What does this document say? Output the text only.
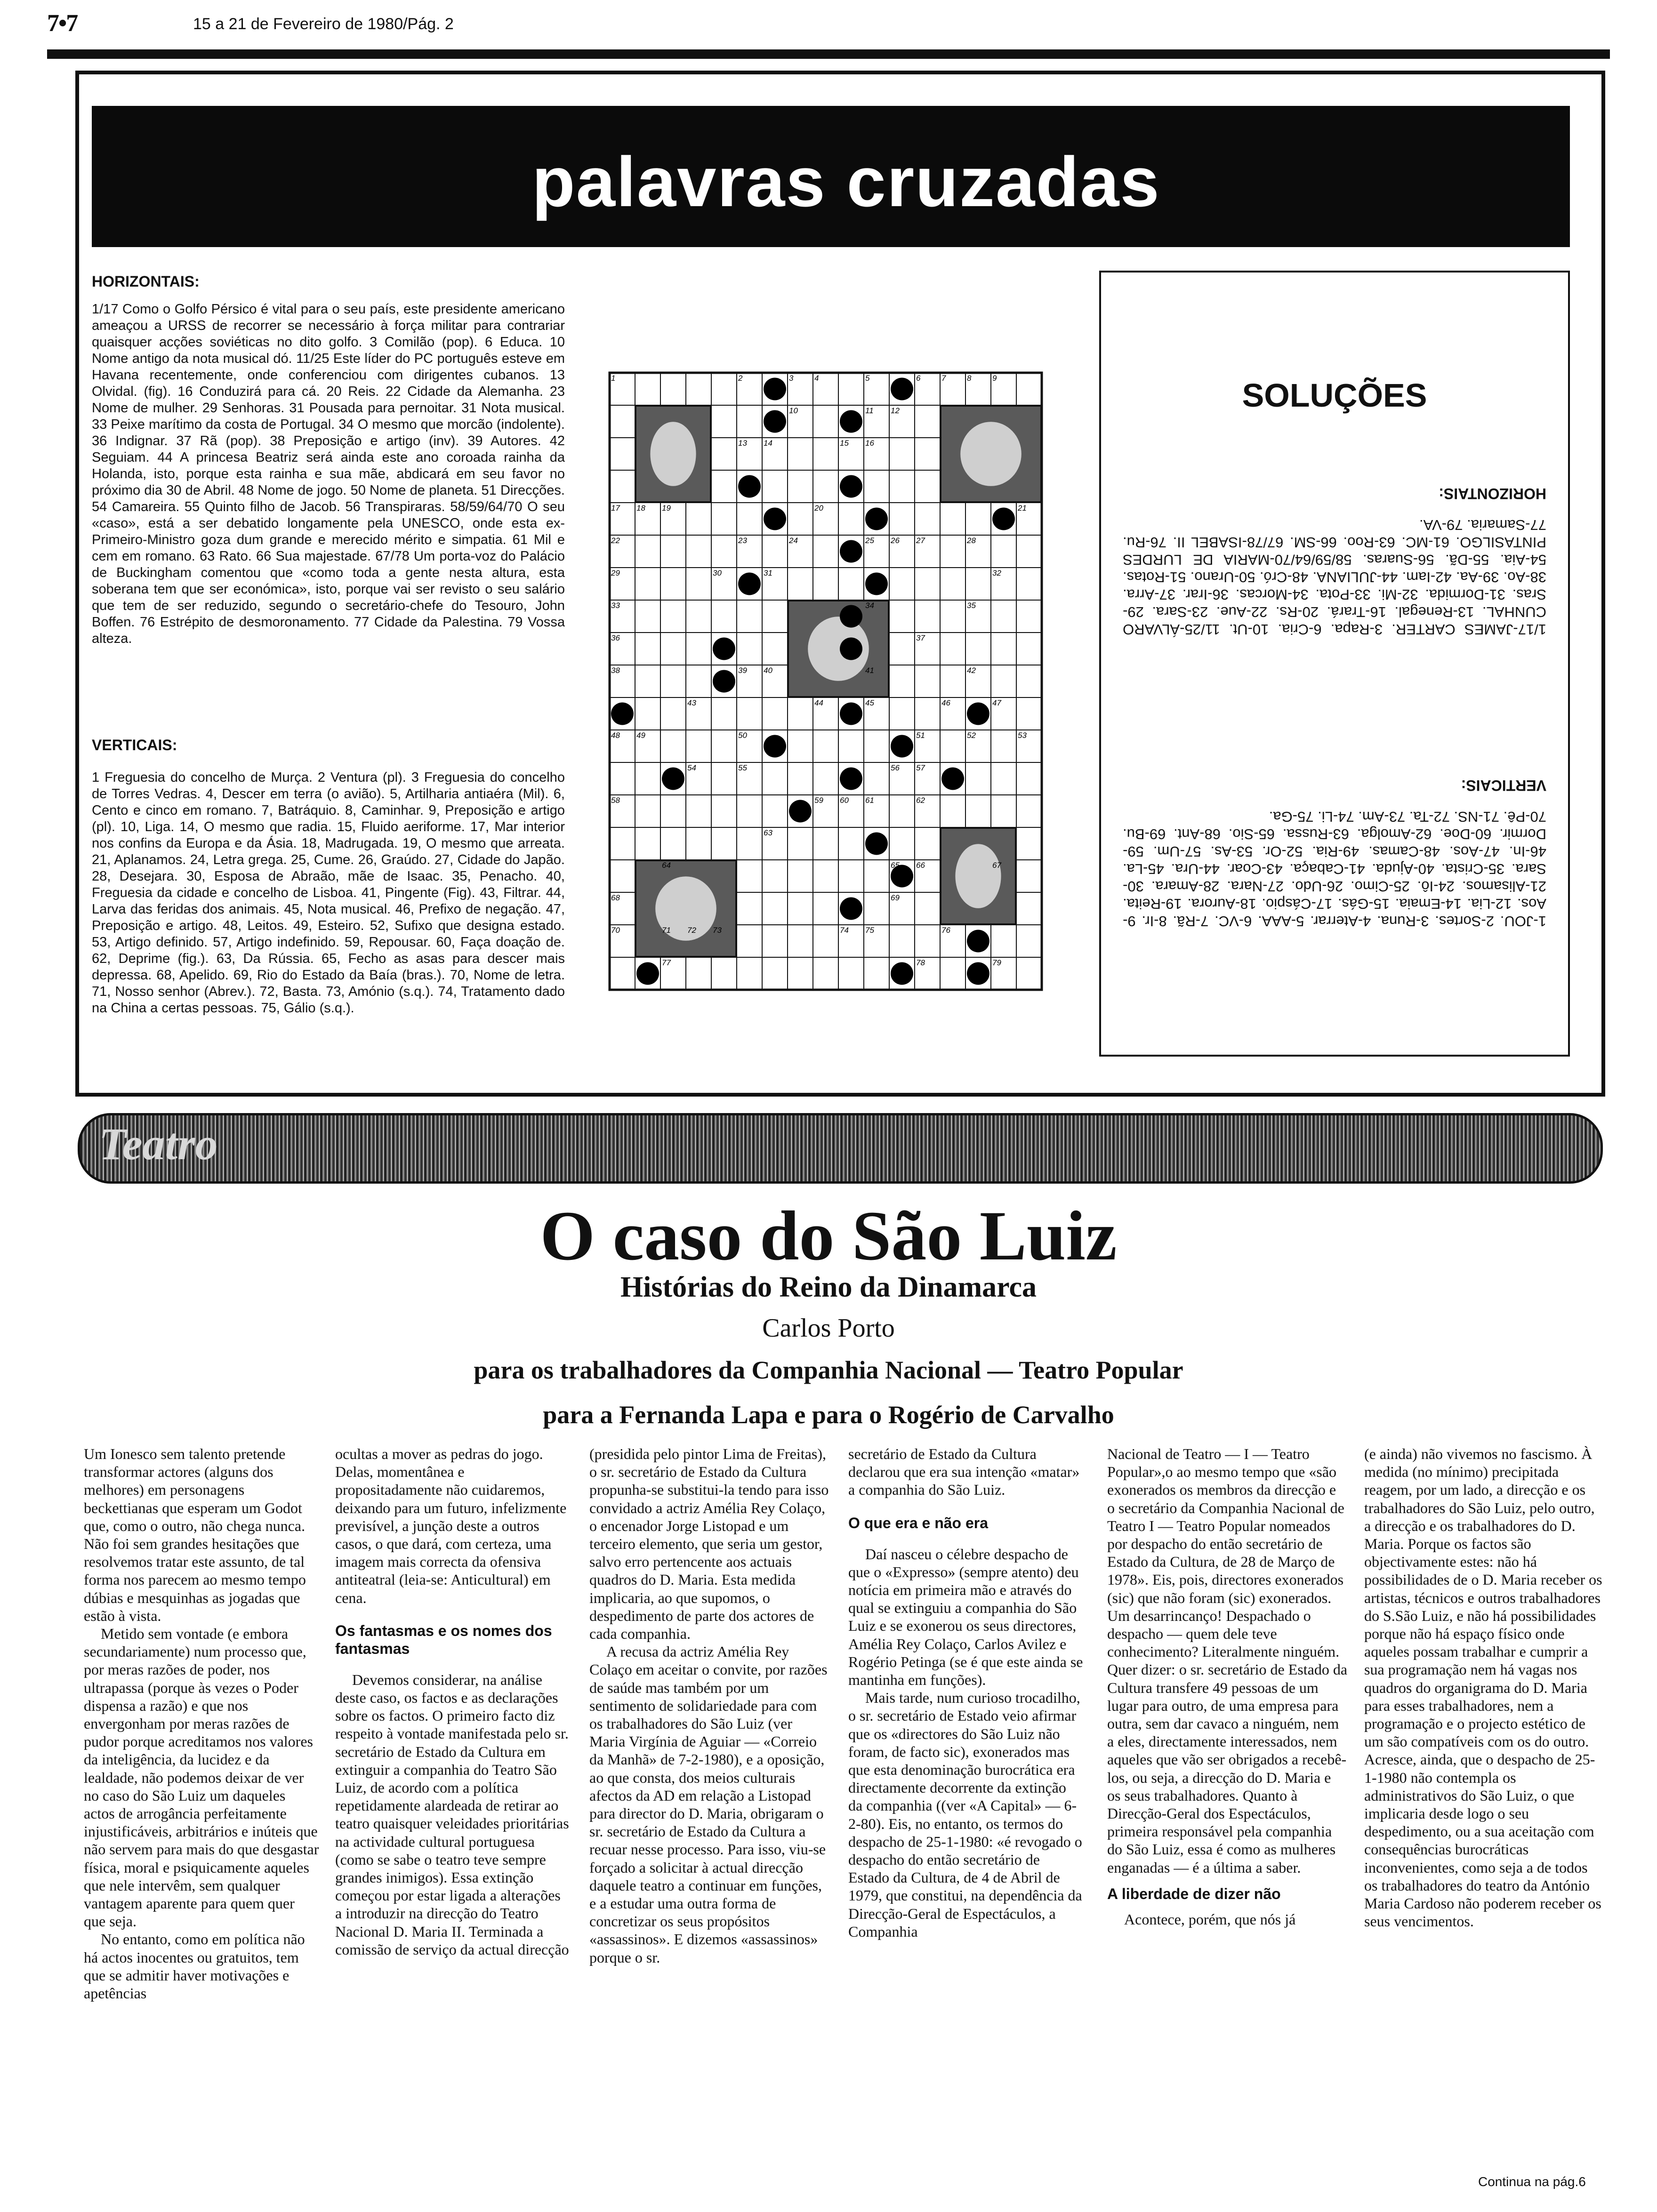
7•7	15 a 21 de Fevereiro de 1980/Pág. 2
palavras cruzadas
HORIZONTAIS:
1/17 Como o Golfo Pérsico é vital para o seu país, este presidente americano ameaçou a URSS de recorrer se necessário à força militar para contrariar quaisquer acções soviéticas no dito golfo. 3 Comilão (pop). 6 Educa. 10 Nome antigo da nota musical dó. 11/25 Este líder do PC português esteve em Havana recentemente, onde conferenciou com dirigentes cubanos. 13 Olvidal. (fig). 16 Conduzirá para cá. 20 Reis. 22 Cidade da Alemanha. 23 Nome de mulher. 29 Senhoras. 31 Pousada para pernoitar. 31 Nota musical. 33 Peixe marítimo da costa de Portugal. 34 O mesmo que morcão (indolente). 36 Indignar. 37 Rã (pop). 38 Preposição e artigo (inv). 39 Autores. 42 Seguiam. 44 A princesa Beatriz será ainda este ano coroada rainha da Holanda, isto, porque esta rainha e sua mãe, abdicará em seu favor no próximo dia 30 de Abril. 48 Nome de jogo. 50 Nome de planeta. 51 Direcções. 54 Camareira. 55 Quinto filho de Jacob. 56 Transpiraras. 58/59/64/70 O seu «caso», está a ser debatido longamente pela UNESCO, onde esta ex-Primeiro-Ministro goza dum grande e merecido mérito e simpatia. 61 Mil e cem em romano. 63 Rato. 66 Sua majestade. 67/78 Um porta-voz do Palácio de Buckingham comentou que «como toda a gente nesta altura, esta soberana tem que ser económica», isto, porque vai ser revisto o seu salário que tem de ser reduzido, segundo o secretário-chefe do Tesouro, John Boffen. 76 Estrépito de desmoronamento. 77 Cidade da Palestina. 79 Vossa alteza.
VERTICAIS:
1 Freguesia do concelho de Murça. 2 Ventura (pl). 3 Freguesia do concelho de Torres Vedras. 4, Descer em terra (o avião). 5, Artilharia antiaéra (Mil). 6, Cento e cinco em romano. 7, Batráquio. 8, Caminhar. 9, Preposição e artigo (pl). 10, Liga. 14, O mesmo que radia. 15, Fluido aeriforme. 17, Mar interior nos confins da Europa e da Ásia. 18, Madrugada. 19, O mesmo que arreata. 21, Aplanamos. 24, Letra grega. 25, Cume. 26, Graúdo. 27, Cidade do Japão. 28, Desejara. 30, Esposa de Abraão, mãe de Isaac. 35, Penacho. 40, Freguesia da cidade e concelho de Lisboa. 41, Pingente (Fig). 43, Filtrar. 44, Larva das feridas dos animais. 45, Nota musical. 46, Prefixo de negação. 47, Preposição e artigo. 48, Leitos. 49, Esteiro. 52, Sufixo que designa estado. 53, Artigo definido. 57, Artigo indefinido. 59, Repousar. 60, Faça doação de. 62, Deprime (fig.). 63, Da Rússia. 65, Fecho as asas para descer mais depressa. 68, Apelido. 69, Rio do Estado da Baía (bras.). 70, Nome de letra. 71, Nosso senhor (Abrev.). 72, Basta. 73, Amónio (s.q.). 74, Tratamento dado na China a certas pessoas. 75, Gálio (s.q.).
1	2	3	4	5	6	7	8	9
10	11 12
13 14	15 16
17 18 19	20	21
22	23	24	25 26 27	28
29	30	31	32
33	34	35
36	37
38	39 40	41	42
43	44	45	46	47
48 49	50	51	52	53
54	55	56 57
58	59 60 61	62
63
64	65 66	67
68	69
70	71 72 73	74 75	76
77	78	79
SOLUÇÕES
1/17-JAMES CARTER. 3-Rapa. 6-Cria. 10-Ut. 11/25-ÁLVARO CUNHAL. 13-Renegal. 16-Trará. 20-Rs. 22-Aue. 23-Sara. 29-Sras. 31-Dormida. 32-Mi. 33-Pota. 34-Morcas. 36-Irar. 37-Arra. 38-Ao. 39-Aa. 42-Iam. 44-JULIANA. 48-Cró. 50-Urano. 51-Rotas. 54-Aia. 55-Dã. 56-Suaras. 58/59/64/70-MARIA DE LURDES PINTASILGO. 61-MC. 63-Roo. 66-SM. 67/78-ISABEL II. 76-Ru. 77-Samaria. 79-VA.
HORIZONTAIS:
1-JOU. 2-Sortes. 3-Runa. 4-Aterrar. 5-AAA. 6-VC. 7-Rã. 8-Ir. 9-Aos. 12-Lia. 14-Emaia. 15-Gás. 17-Cáspio. 18-Aurora. 19-Reita. 21-Alisamos. 24-Iô. 25-Cimo. 26-Udo. 27-Nara. 28-Amara. 30-Sara. 35-Crista. 40-Ajuda. 41-Cabaça. 43-Coar. 44-Ura. 45-La. 46-In. 47-Aos. 48-Camas. 49-Ria. 52-Or. 53-As. 57-Um. 59-Dormir. 60-Doe. 62-Amolga. 63-Russa. 65-Sio. 68-Ant. 69-Bu. 70-Pê. 71-NS. 72-Ta. 73-Am. 74-Li. 75-Ga.
VERTICAIS:
Teatro
O caso do São Luiz
Histórias do Reino da Dinamarca
Carlos Porto
para os trabalhadores da Companhia Nacional — Teatro Popular
para a Fernanda Lapa e para o Rogério de Carvalho

Um Ionesco sem talento pretende transformar actores (alguns dos melhores) em personagens beckettianas que esperam um Godot que, como o outro, não chega nunca. Não foi sem grandes hesitações que resolvemos tratar este assunto, de tal forma nos parecem ao mesmo tempo dúbias e mesquinhas as jogadas que estão à vista.

Metido sem vontade (e embora secundariamente) num processo que, por meras razões de poder, nos ultrapassa (porque às vezes o Poder dispensa a razão) e que nos envergonham por meras razões de pudor porque acreditamos nos valores da inteligência, da lucidez e da lealdade, não podemos deixar de ver no caso do São Luiz um daqueles actos de arrogância perfeitamente injustificáveis, arbitrários e inúteis que não servem para mais do que desgastar física, moral e psiquicamente aqueles que nele intervêm, sem qualquer vantagem aparente para quem quer que seja.

No entanto, como em política não há actos inocentes ou gratuitos, tem que se admitir haver motivações e apetências

ocultas a mover as pedras do jogo. Delas, momentânea e propositadamente não cuidaremos, deixando para um futuro, infelizmente previsível, a junção deste a outros casos, o que dará, com certeza, uma imagem mais correcta da ofensiva antiteatral (leia-se: Anticultural) em cena.

Os fantasmas e os nomes dos fantasmas

Devemos considerar, na análise deste caso, os factos e as declarações sobre os factos. O primeiro facto diz respeito à vontade manifestada pelo sr. secretário de Estado da Cultura em extinguir a companhia do Teatro São Luiz, de acordo com a política repetidamente alardeada de retirar ao teatro quaisquer veleidades prioritárias na actividade cultural portuguesa (como se sabe o teatro teve sempre grandes inimigos). Essa extinção começou por estar ligada a alterações a introduzir na direcção do Teatro Nacional D. Maria II. Terminada a comissão de serviço da actual direcção

(presidida pelo pintor Lima de Freitas), o sr. secretário de Estado da Cultura propunha-se substitui-la tendo para isso convidado a actriz Amélia Rey Colaço, o encenador Jorge Listopad e um terceiro elemento, que seria um gestor, salvo erro pertencente aos actuais quadros do D. Maria. Esta medida implicaria, ao que supomos, o despedimento de parte dos actores de cada companhia.

A recusa da actriz Amélia Rey Colaço em aceitar o convite, por razões de saúde mas também por um sentimento de solidariedade para com os trabalhadores do São Luiz (ver Maria Virgínia de Aguiar — «Correio da Manhã» de 7-2-1980), e a oposição, ao que consta, dos meios culturais afectos da AD em relação a Listopad para director do D. Maria, obrigaram o sr. secretário de Estado da Cultura a recuar nesse processo. Para isso, viu-se forçado a solicitar à actual direcção daquele teatro a continuar em funções, e a estudar uma outra forma de concretizar os seus propósitos «assassinos». E dizemos «assassinos» porque o sr.

secretário de Estado da Cultura declarou que era sua intenção «matar» a companhia do São Luiz.

O que era e não era

Daí nasceu o célebre despacho de que o «Expresso» (sempre atento) deu notícia em primeira mão e através do qual se extinguiu a companhia do São Luiz e se exonerou os seus directores, Amélia Rey Colaço, Carlos Avilez e Rogério Petinga (se é que este ainda se mantinha em funções).

Mais tarde, num curioso trocadilho, o sr. secretário de Estado veio afirmar que os «directores do São Luiz não foram, de facto sic), exonerados mas que esta denominação burocrática era directamente decorrente da extinção da companhia ((ver «A Capital» — 6-2-80). Eis, no entanto, os termos do despacho de 25-1-1980: «é revogado o despacho do então secretário de Estado da Cultura, de 4 de Abril de 1979, que constitui, na dependência da Direcção-Geral de Espectáculos, a Companhia

Nacional de Teatro — I — Teatro Popular»,o ao mesmo tempo que «são exonerados os membros da direcção e o secretário da Companhia Nacional de Teatro I — Teatro Popular nomeados por despacho do então secretário de Estado da Cultura, de 28 de Março de 1978». Eis, pois, directores exonerados (sic) que não foram (sic) exonerados. Um desarrincanço! Despachado o despacho — quem dele teve conhecimento? Literalmente ninguém. Quer dizer: o sr. secretário de Estado da Cultura transfere 49 pessoas de um lugar para outro, de uma empresa para outra, sem dar cavaco a ninguém, nem a eles, directamente interessados, nem aqueles que vão ser obrigados a recebê-los, ou seja, a direcção do D. Maria e os seus trabalhadores. Quanto à Direcção-Geral dos Espectáculos, primeira responsável pela companhia do São Luiz, essa é como as mulheres enganadas — é a última a saber.

A liberdade de dizer não

Acontece, porém, que nós já

(e ainda) não vivemos no fascismo. À medida (no mínimo) precipitada reagem, por um lado, a direcção e os trabalhadores do São Luiz, pelo outro, a direcção e os trabalhadores do D. Maria. Porque os factos são objectivamente estes: não há possibilidades de o D. Maria receber os artistas, técnicos e outros trabalhadores do S.São Luiz, e não há possibilidades porque não há espaço físico onde aqueles possam trabalhar e cumprir a sua programação nem há vagas nos quadros do organigrama do D. Maria para esses trabalhadores, nem a programação e o projecto estético de um são compatíveis com os do outro. Acresce, ainda, que o despacho de 25-1-1980 não contempla os administrativos do São Luiz, o que implicaria desde logo o seu despedimento, ou a sua aceitação com consequências burocráticas inconvenientes, como seja a de todos os trabalhadores do teatro da António Maria Cardoso não poderem receber os seus vencimentos.

Continua na pág.6
